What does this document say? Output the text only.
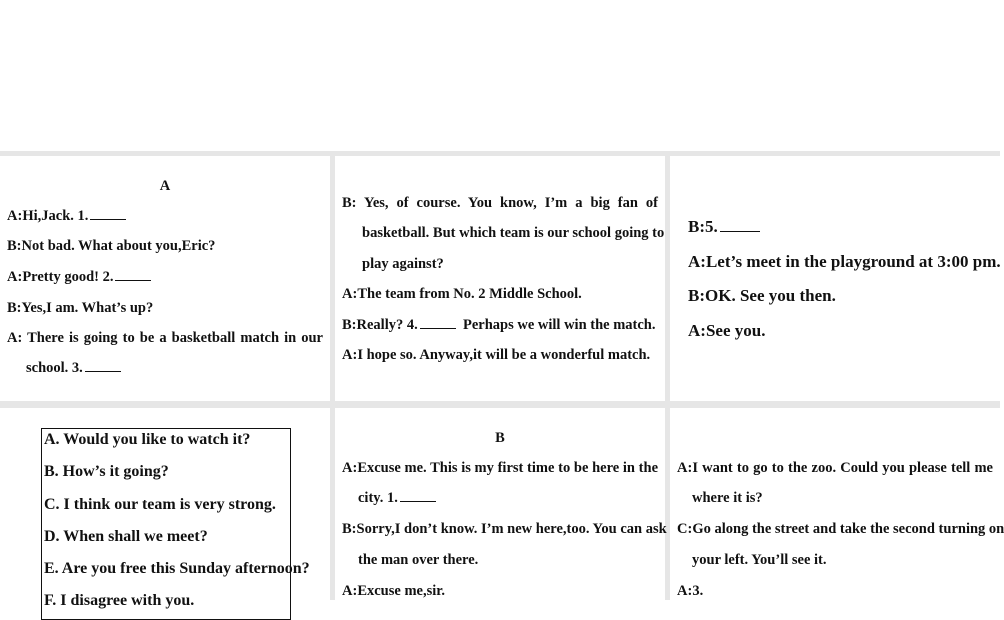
A
A:Hi,Jack. 1.
B:Not bad. What about you,Eric?
A:Pretty good! 2.
B:Yes,I am. What’s up?
A: There is going to be a basketball match in our
school. 3.
B: Yes, of course. You know, I’m a big fan of
basketball. But which team is our school going to
play against?
A:The team from No. 2 Middle School.
B:Really? 4.	Perhaps we will win the match.
A:I hope so. Anyway,it will be a wonderful match.
B:5.
A:Let’s meet in the playground at 3:00 pm.
B:OK. See you then.
A:See you.
A. Would you like to watch it?
B. How’s it going?
C. I think our team is very strong.
D. When shall we meet?
E. Are you free this Sunday afternoon?
F. I disagree with you.
B
A:Excuse me. This is my first time to be here in the
city. 1.
B:Sorry,I don’t know. I’m new here,too. You can ask
the man over there.
A:Excuse me,sir.
A:I want to go to the zoo. Could you please tell me
where it is?
C:Go along the street and take the second turning on
your left. You’ll see it.
A:3.
